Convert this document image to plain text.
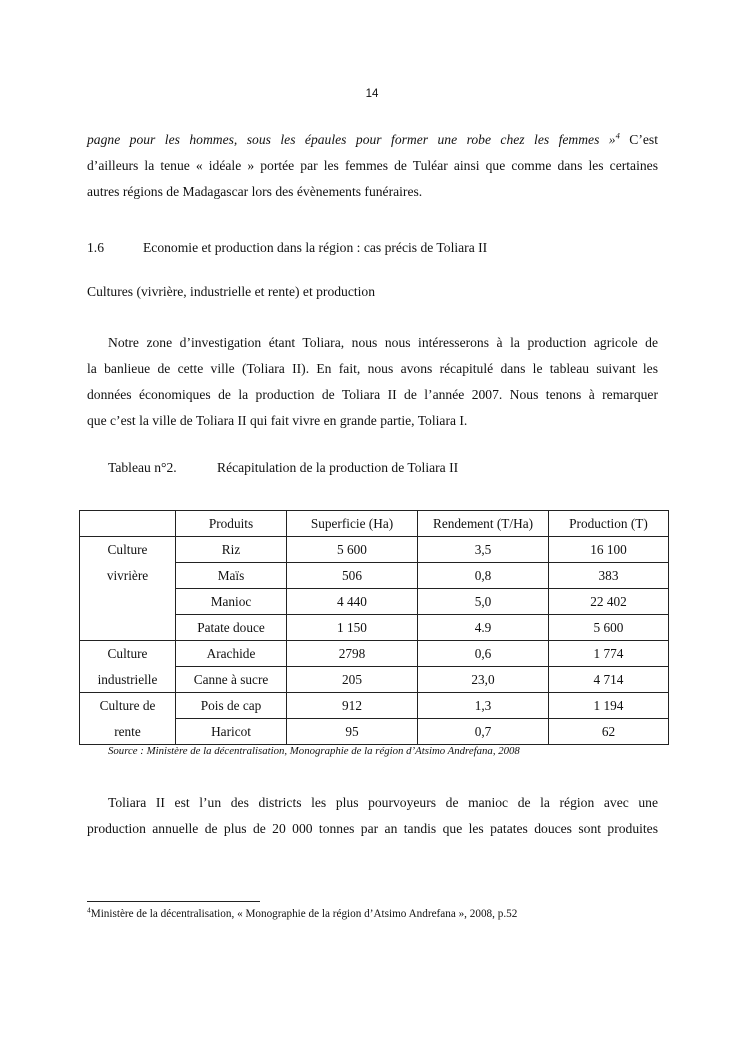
14

pagne pour les hommes, sous les épaules pour former une robe chez les femmes »$^4$ C’est

d’ailleurs la tenue « idéale » portée par les femmes de Tuléar ainsi que comme dans les certaines

autres régions de Madagascar lors des évènements funéraires.

1.6	Economie et production dans la région : cas précis de Toliara II
Cultures (vivrière, industrielle et rente) et production

Notre zone d’investigation étant Toliara, nous nous intéresserons à la production agricole de

la banlieue de cette ville (Toliara II). En fait, nous avons récapitulé dans le tableau suivant les

données économiques de la production de Toliara II de l’année 2007. Nous tenons à remarquer

que c’est la ville de Toliara II qui fait vivre en grande partie, Toliara I.

Tableau n°2.	Récapitulation de la production de Toliara II
	Produits	Superficie (Ha)	Rendement (T/Ha)	Production (T)
Culture
vivrière	Riz	5 600	3,5	16 100
	Maïs	506	0,8	383
	Manioc	4 440	5,0	22 402
	Patate douce	1 150	4.9	5 600
Culture
industrielle	Arachide	2798	0,6	1 774
	Canne à sucre	205	23,0	4 714
Culture de
rente	Pois de cap	912	1,3	1 194
	Haricot	95	0,7	62
Source : Ministère de la décentralisation, Monographie de la région d’Atsimo Andrefana, 2008

Toliara II est l’un des districts les plus pourvoyeurs de manioc de la région avec une

production annuelle de plus de 20 000 tonnes par an tandis que les patates douces sont produites

$^4$Ministère de la décentralisation, « Monographie de la région d’Atsimo Andrefana », 2008, p.52
